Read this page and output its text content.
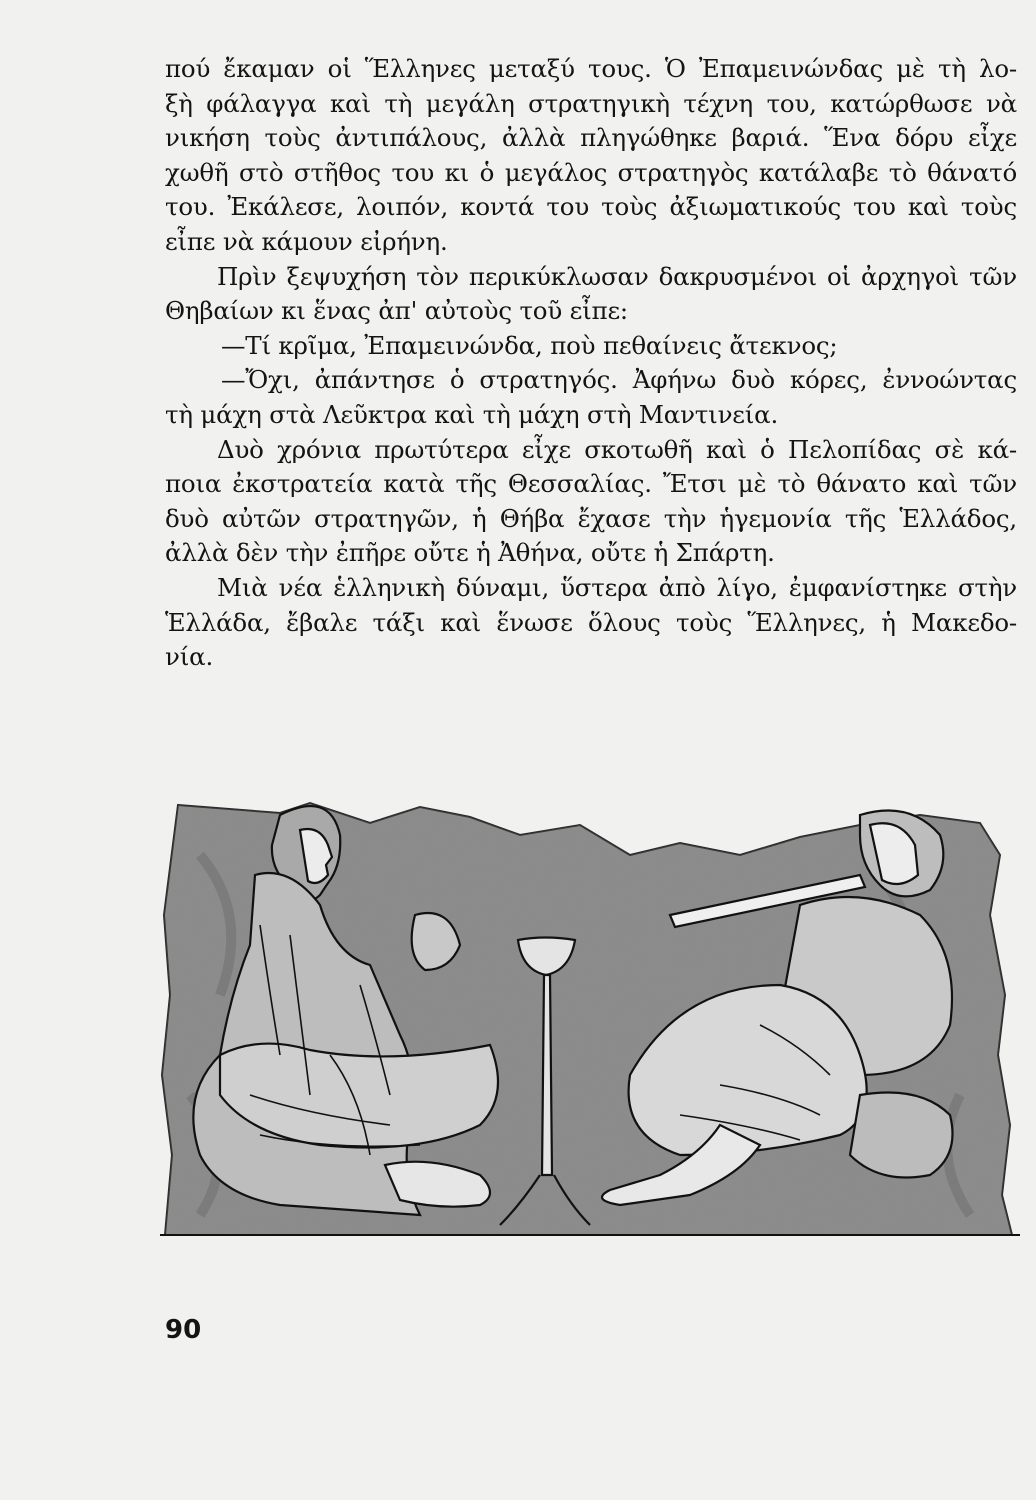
πού ἔκαμαν οἱ Ἕλληνες μεταξύ τους. Ὁ Ἐπαμεινώνδας μὲ τὴ λο-
ξὴ φάλαγγα καὶ τὴ μεγάλη στρατηγικὴ τέχνη του, κατώρθωσε νὰ
νικήση τοὺς ἀντιπάλους, ἀλλὰ πληγώθηκε βαριά. Ἕνα δόρυ εἶχε
χωθῆ στὸ στῆθος του κι ὁ μεγάλος στρατηγὸς κατάλαβε τὸ θάνατό
του. Ἐκάλεσε, λοιπόν, κοντά του τοὺς ἀξιωματικούς του καὶ τοὺς
εἶπε νὰ κάμουν εἰρήνη.
Πρὶν ξεψυχήση τὸν περικύκλωσαν δακρυσμένοι οἱ ἀρχηγοὶ τῶν
Θηβαίων κι ἕνας ἀπ' αὐτοὺς τοῦ εἶπε:
—Τί κρῖμα, Ἐπαμεινώνδα, ποὺ πεθαίνεις ἄτεκνος;
—Ὄχι, ἀπάντησε ὁ στρατηγός. Ἀφήνω δυὸ κόρες, ἐννοώντας
τὴ μάχη στὰ Λεῦκτρα καὶ τὴ μάχη στὴ Μαντινεία.
Δυὸ χρόνια πρωτύτερα εἶχε σκοτωθῆ καὶ ὁ Πελοπίδας σὲ κά-
ποια ἐκστρατεία κατὰ τῆς Θεσσαλίας. Ἔτσι μὲ τὸ θάνατο καὶ τῶν
δυὸ αὐτῶν στρατηγῶν, ἡ Θήβα ἔχασε τὴν ἡγεμονία τῆς Ἑλλάδος,
ἀλλὰ δὲν τὴν ἐπῆρε οὔτε ἡ Ἀθήνα, οὔτε ἡ Σπάρτη.
Μιὰ νέα ἑλληνικὴ δύναμι, ὕστερα ἀπὸ λίγο, ἐμφανίστηκε στὴν
Ἑλλάδα, ἔβαλε τάξι καὶ ἕνωσε ὅλους τοὺς Ἕλληνες, ἡ Μακεδο-
νία.
90
